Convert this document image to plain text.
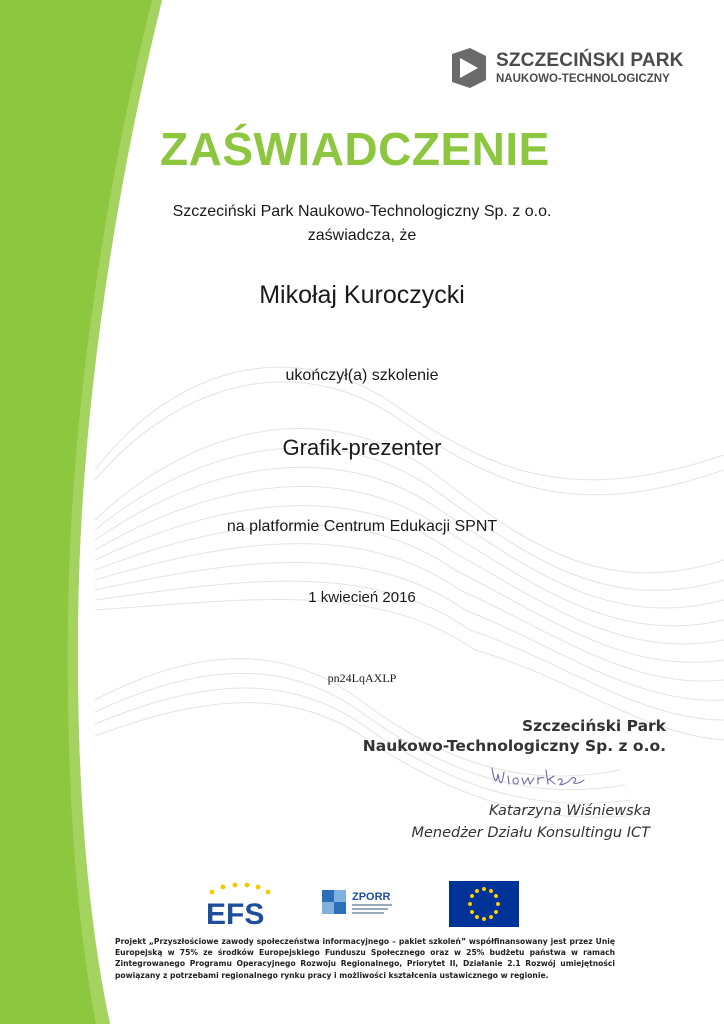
SZCZECIŃSKI PARK
NAUKOWO-TECHNOLOGICZNY
ZAŚWIADCZENIE
Szczeciński Park Naukowo-Technologiczny Sp. z o.o.
zaświadcza, że
Mikołaj Kuroczycki
ukończył(a) szkolenie
Grafik-prezenter
na platformie Centrum Edukacji SPNT
1 kwiecień 2016
pn24LqAXLP
Szczeciński Park
Naukowo-Technologiczny Sp. z o.o.
Katarzyna Wiśniewska
Menedżer Działu Konsultingu ICT
EFS
ZPORR
Projekt „Przyszłościowe zawody społeczeństwa informacyjnego – pakiet szkoleń” współfinansowany jest przez Unię Europejską w 75% ze środków Europejskiego Funduszu Społecznego oraz w 25% budżetu państwa w ramach Zintegrowanego Programu Operacyjnego Rozwoju Regionalnego, Priorytet II, Działanie 2.1 Rozwój umiejętności powiązany z potrzebami regionalnego rynku pracy i możliwości kształcenia ustawicznego w regionie.
